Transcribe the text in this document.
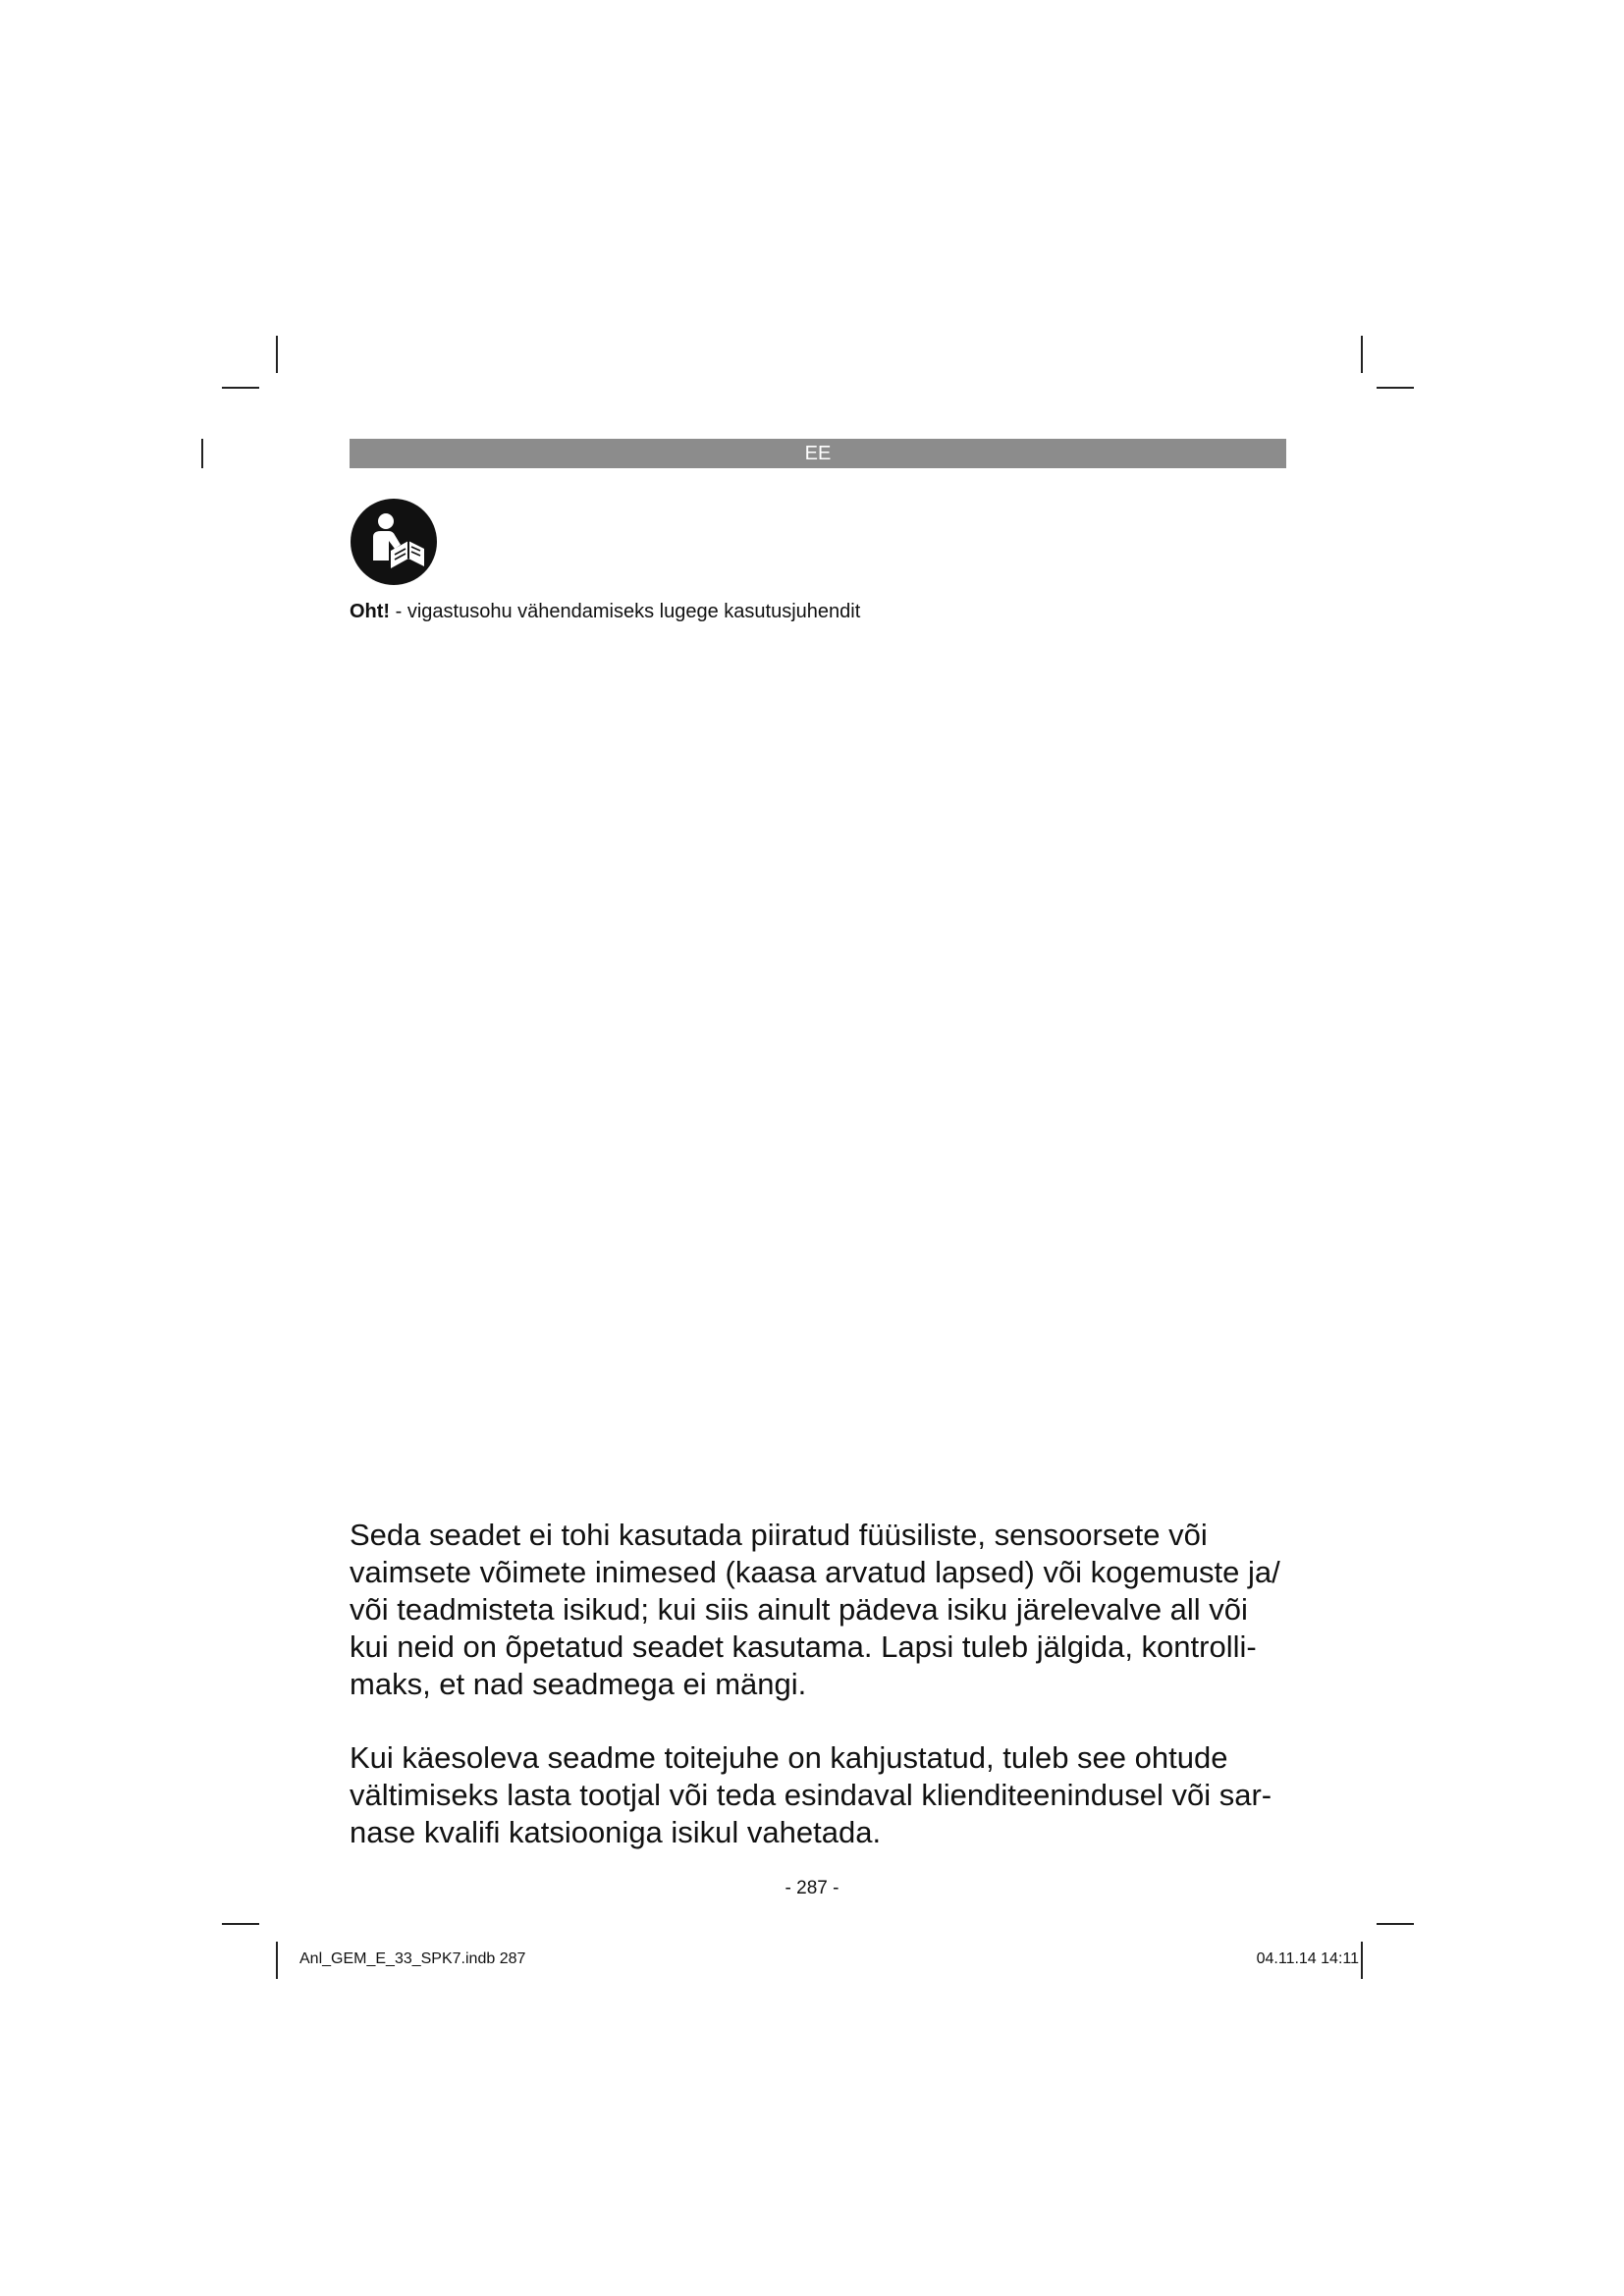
EE
Oht! - vigastusohu vähendamiseks lugege kasutusjuhendit

Seda seadet ei tohi kasutada piiratud füüsiliste, sensoorsete või
vaimsete võimete inimesed (kaasa arvatud lapsed) või kogemuste ja/
või teadmisteta isikud; kui siis ainult pädeva isiku järelevalve all või
kui neid on õpetatud seadet kasutama. Lapsi tuleb jälgida, kontrolli-
maks, et nad seadmega ei mängi.

Kui käesoleva seadme toitejuhe on kahjustatud, tuleb see ohtude
vältimiseks lasta tootjal või teda esindaval klienditeenindusel või sar-
nase kvalifi katsiooniga isikul vahetada.

- 287 -
Anl_GEM_E_33_SPK7.indb 287	04.11.14 14:11
